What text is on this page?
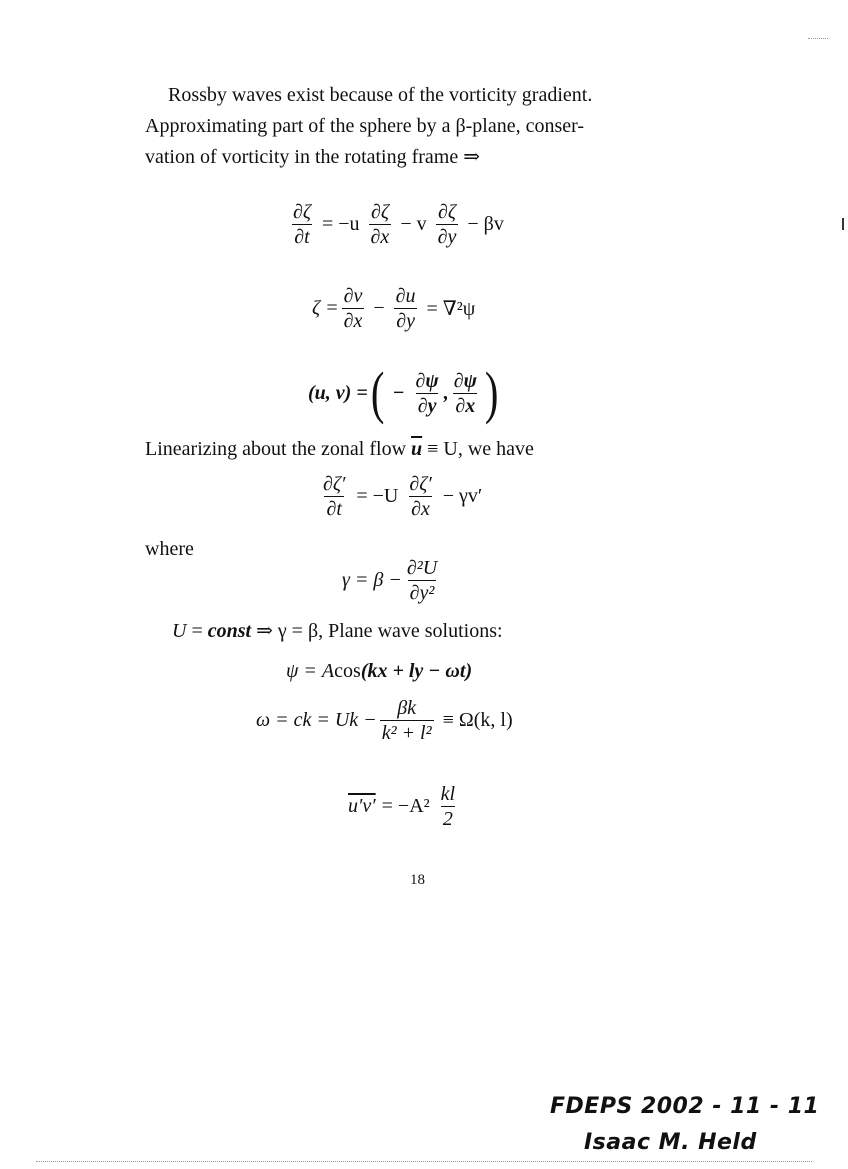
Rossby waves exist because of the vorticity gradient.
Approximating part of the sphere by a β-plane, conser-
vation of vorticity in the rotating frame ⇒
$\frac{\partial\zeta}{\partial t} = -u \frac{\partial\zeta}{\partial x} - v \frac{\partial\zeta}{\partial y} - \beta v$
$\zeta = \frac{\partial v}{\partial x} - \frac{\partial u}{\partial y} = \nabla^2\psi$
(u, v) = ( − $\frac{\partial\psi}{\partial y}$ , $\frac{\partial\psi}{\partial x}$ )
Linearizing about the zonal flow $\overline{u} \equiv U$, we have
$\frac{\partial\zeta'}{\partial t} = -U \frac{\partial\zeta'}{\partial x} - \gamma v'$
where
$\gamma = \beta - \frac{\text{∂²U}}{\text{∂y²}}$
U = const ⇒ γ = β, Plane wave solutions:
ψ = A cos (kx + ly − ωt)
ω = ck = $Uk - \frac{\beta k}{\text{k² + l²}} \equiv \Omega(k$, l)
$u'v' = -A^2 \frac{kl}{2}$
18
FDEPS 2002 - 11 - 11
Isaac M. Held
